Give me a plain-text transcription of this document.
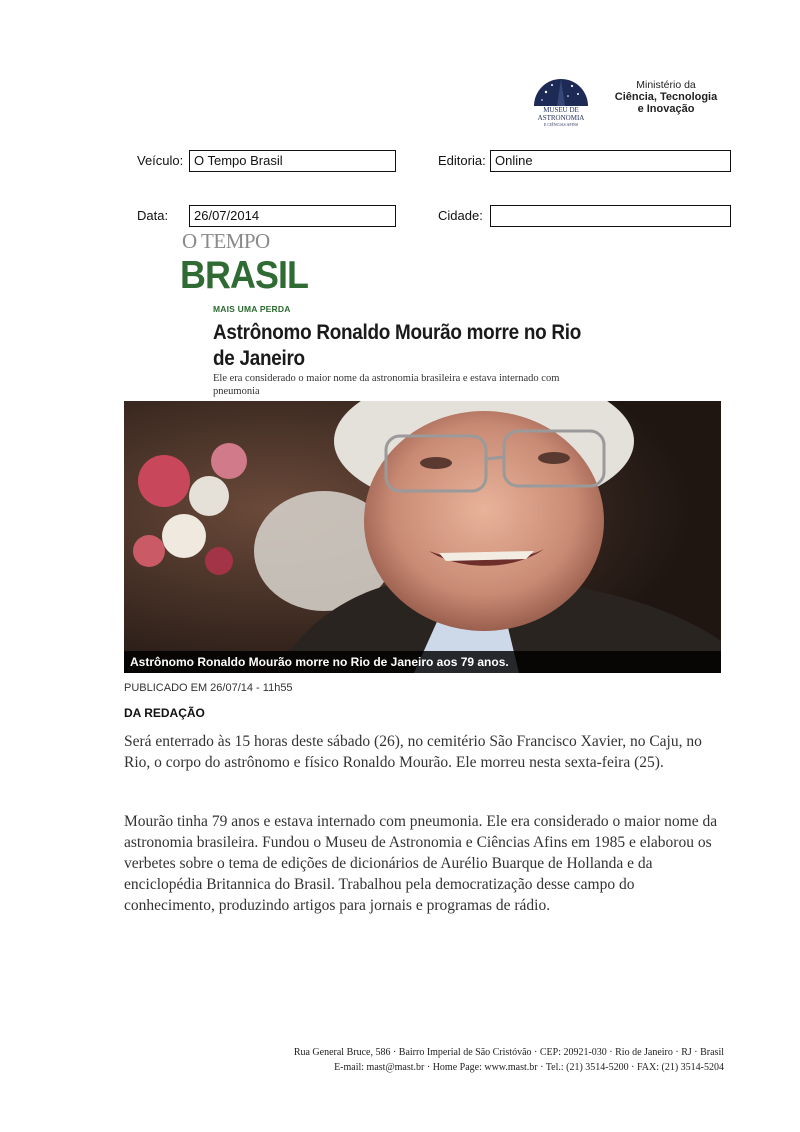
MUSEU DE
ASTRONOMIA
E CIÊNCIAS AFINS
Ministério da
Ciência, Tecnologia
e Inovação
Veículo: O Tempo Brasil	Editoria: Online
Data:	26/07/2014	Cidade:
O TEMPO
BRASIL
MAIS UMA PERDA
Astrônomo Ronaldo Mourão morre no Rio de Janeiro
Ele era considerado o maior nome da astronomia brasileira e estava internado com pneumonia
Astrônomo Ronaldo Mourão morre no Rio de Janeiro aos 79 anos.
PUBLICADO EM 26/07/14 - 11h55
DA REDAÇÃO
Será enterrado às 15 horas deste sábado (26), no cemitério São Francisco Xavier, no Caju, no Rio, o corpo do astrônomo e físico Ronaldo Mourão. Ele morreu nesta sexta-feira (25).
Mourão tinha 79 anos e estava internado com pneumonia. Ele era considerado o maior nome da astronomia brasileira. Fundou o Museu de Astronomia e Ciências Afins em 1985 e elaborou os verbetes sobre o tema de edições de dicionários de Aurélio Buarque de Hollanda e da enciclopédia Britannica do Brasil. Trabalhou pela democratização desse campo do conhecimento, produzindo artigos para jornais e programas de rádio.
Rua General Bruce, 586 · Bairro Imperial de São Cristóvão · CEP: 20921-030 · Rio de Janeiro · RJ · Brasil
E-mail: mast@mast.br · Home Page: www.mast.br · Tel.: (21) 3514-5200 · FAX: (21) 3514-5204
